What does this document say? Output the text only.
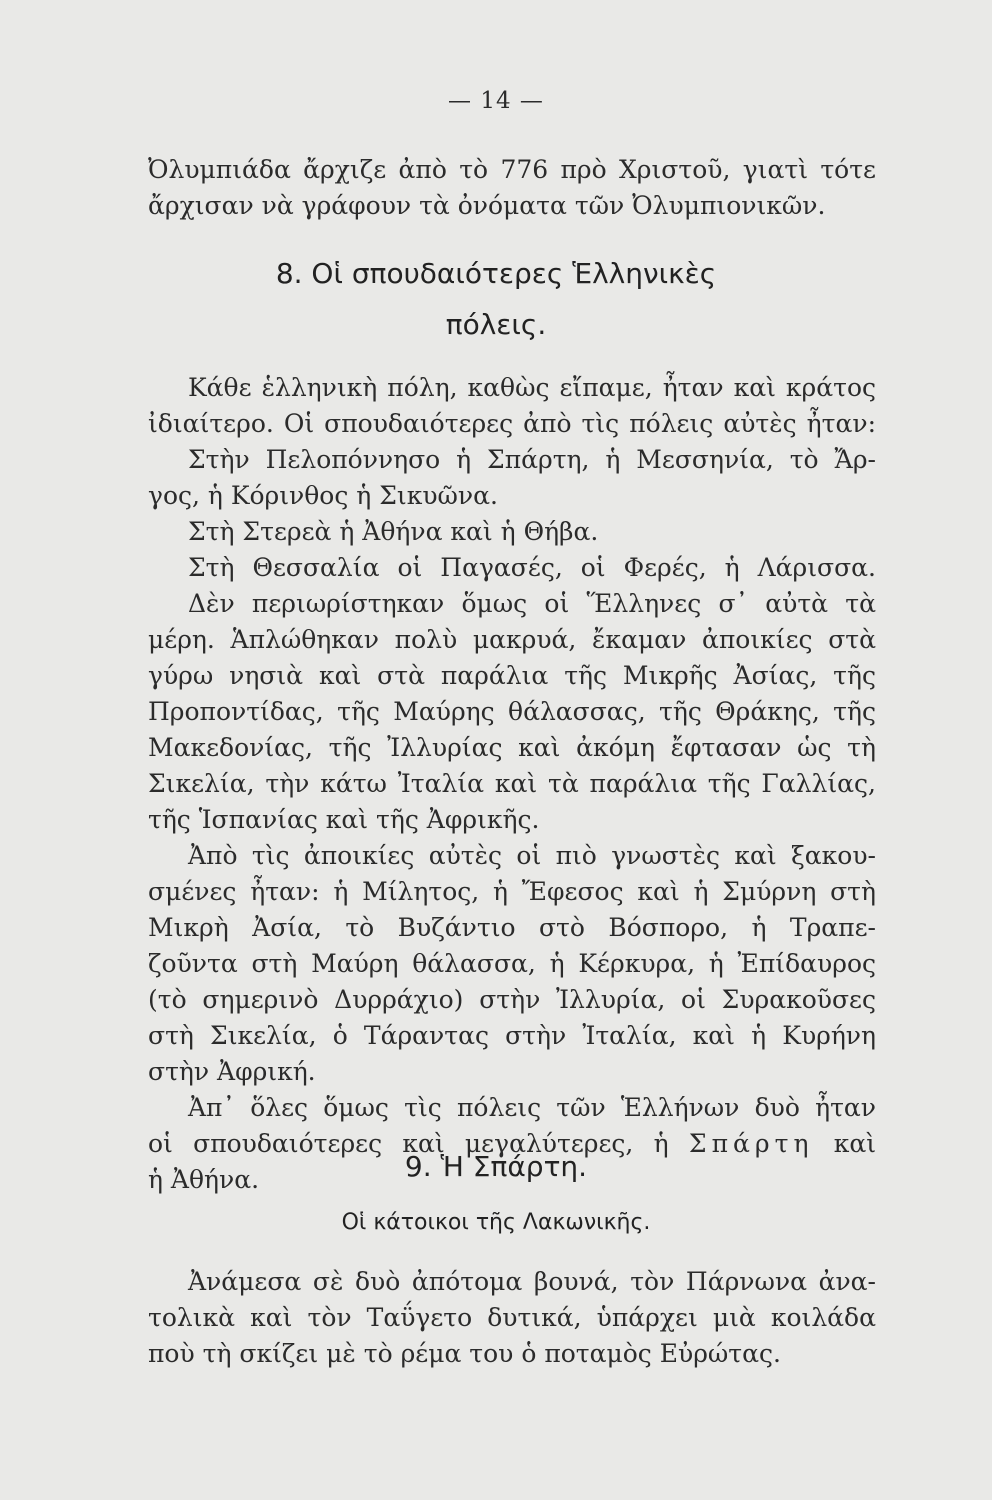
— 14 —
Ὀλυμπιάδα ἄρχιζε ἀπὸ τὸ 776 πρὸ Χριστοῦ, γιατὶ τότε
ἄρχισαν νὰ γράφουν τὰ ὀνόματα τῶν Ὀλυμπιονικῶν.
8. Οἱ σπουδαιότερες Ἑλληνικὲς
πόλεις.
Κάθε ἑλληνικὴ πόλη, καθὼς εἴπαμε, ἦταν καὶ κράτος
ἰδιαίτερο. Οἱ σπουδαιότερες ἀπὸ τὶς πόλεις αὐτὲς ἦταν:
Στὴν Πελοπόννησο ἡ Σπάρτη, ἡ Μεσσηνία, τὸ Ἄρ-
γος, ἡ Κόρινθος ἡ Σικυῶνα.
Στὴ Στερεὰ ἡ Ἀθήνα καὶ ἡ Θήβα.
Στὴ Θεσσαλία οἱ Παγασές, οἱ Φερές, ἡ Λάρισσα.
Δὲν περιωρίστηκαν ὅμως οἱ Ἕλληνες σ᾽ αὐτὰ τὰ
μέρη. Ἁπλώθηκαν πολὺ μακρυά, ἔκαμαν ἀποικίες στὰ
γύρω νησιὰ καὶ στὰ παράλια τῆς Μικρῆς Ἀσίας, τῆς
Προποντίδας, τῆς Μαύρης θάλασσας, τῆς Θράκης, τῆς
Μακεδονίας, τῆς Ἰλλυρίας καὶ ἀκόμη ἔφτασαν ὡς τὴ
Σικελία, τὴν κάτω Ἰταλία καὶ τὰ παράλια τῆς Γαλλίας,
τῆς Ἱσπανίας καὶ τῆς Ἀφρικῆς.
Ἀπὸ τὶς ἀποικίες αὐτὲς οἱ πιὸ γνωστὲς καὶ ξακου-
σμένες ἦταν: ἡ Μίλητος, ἡ Ἔφεσος καὶ ἡ Σμύρνη στὴ
Μικρὴ Ἀσία, τὸ Βυζάντιο στὸ Βόσπορο, ἡ Τραπε-
ζοῦντα στὴ Μαύρη θάλασσα, ἡ Κέρκυρα, ἡ Ἐπίδαυρος
(τὸ σημερινὸ Δυρράχιο) στὴν Ἰλλυρία, οἱ Συρακοῦσες
στὴ Σικελία, ὁ Τάραντας στὴν Ἰταλία, καὶ ἡ Κυρήνη
στὴν Ἀφρική.
Ἀπ᾽ ὅλες ὅμως τὶς πόλεις τῶν Ἑλλήνων δυὸ ἦταν
οἱ σπουδαιότερες καὶ μεγαλύτερες, ἡ Σπάρτη καὶ
ἡ Ἀθήνα.	9. Ἡ Σπάρτη.
Οἱ κάτοικοι τῆς Λακωνικῆς.
Ἀνάμεσα σὲ δυὸ ἀπότομα βουνά, τὸν Πάρνωνα ἀνα-
τολικὰ καὶ τὸν Ταΰγετο δυτικά, ὑπάρχει μιὰ κοιλάδα
ποὺ τὴ σκίζει μὲ τὸ ρέμα του ὁ ποταμὸς Εὐρώτας.
